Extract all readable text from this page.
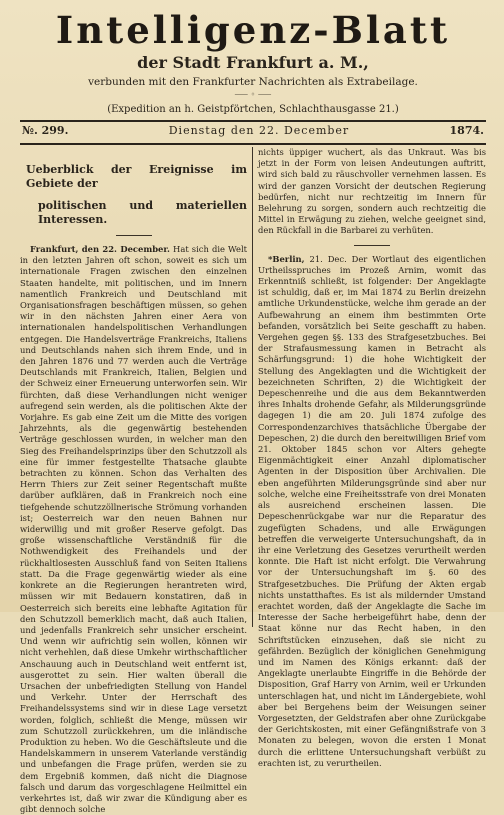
Intelligenz-Blatt
der Stadt Frankfurt a. M.,
verbunden mit den Frankfurter Nachrichten als Extrabeilage.
⸺ ◦ ⸺
(Expedition an h. Geistpförtchen, Schlachthausgasse 21.)
№. 299.	Dienstag den 22. December	1874.
Ueberblick der Ereignisse im Gebiete der
politischen und materiellen Interessen.

Frankfurt, den 22. December. Hat sich die Welt in den letzten Jahren oft schon, soweit es sich um internationale Fragen zwischen den einzelnen Staaten handelte, mit politischen, und im Innern namentlich Frankreich und Deutschland mit Organisationsfragen beschäftigen müssen, so gehen wir in den nächsten Jahren einer Aera von internationalen handelspolitischen Verhandlungen entgegen. Die Handelsverträge Frankreichs, Italiens und Deutschlands nahen sich ihrem Ende, und in den Jahren 1876 und 77 werden auch die Verträge Deutschlands mit Frankreich, Italien, Belgien und der Schweiz einer Erneuerung unterworfen sein. Wir fürchten, daß diese Verhandlungen nicht weniger aufregend sein werden, als die politischen Akte der Vorjahre. Es gab eine Zeit um die Mitte des vorigen Jahrzehnts, als die gegenwärtig bestehenden Verträge geschlossen wurden, in welcher man den Sieg des Freihandelsprinzips über den Schutzzoll als eine für immer festgestellte Thatsache glaubte betrachten zu können. Schon das Verhalten des Herrn Thiers zur Zeit seiner Regentschaft mußte darüber aufklären, daß in Frankreich noch eine tiefgehende schutzzöllnerische Strömung vorhanden ist; Oesterreich war den neuen Bahnen nur widerwillig und mit großer Reserve gefolgt. Das große wissenschaftliche Verständniß für die Nothwendigkeit des Freihandels und der rückhaltlosesten Ausschluß fand von Seiten Italiens statt. Da die Frage gegenwärtig wieder als eine konkrete an die Regierungen herantreten wird, müssen wir mit Bedauern konstatiren, daß in Oesterreich sich bereits eine lebhafte Agitation für den Schutzzoll bemerklich macht, daß auch Italien, und jedenfalls Frankreich sehr unsicher erscheint. Und wenn wir aufrichtig sein wollen, können wir nicht verhehlen, daß diese Umkehr wirthschaftlicher Anschauung auch in Deutschland weit entfernt ist, ausgerottet zu sein. Hier walten überall die Ursachen der unbefriedigten Stellung von Handel und Verkehr. Unter der Herrschaft des Freihandelssystems sind wir in diese Lage versetzt worden, folglich, schließt die Menge, müssen wir zum Schutzzoll zurückkehren, um die inländische Produktion zu heben. Wo die Geschäftsleute und die Handelskammern in unserem Vaterlande verständig und unbefangen die Frage prüfen, werden sie zu dem Ergebniß kommen, daß nicht die Diagnose falsch und darum das vorgeschlagene Heilmittel ein verkehrtes ist, daß wir zwar die Kündigung aber es gibt dennoch solche

nichts üppiger wuchert, als das Unkraut. Was bis jetzt in der Form von leisen Andeutungen auftritt, wird sich bald zu räuschvoller vernehmen lassen. Es wird der ganzen Vorsicht der deutschen Regierung bedürfen, nicht nur rechtzeitig im Innern für Belehrung zu sorgen, sondern auch rechtzeitig die Mittel in Erwägung zu ziehen, welche geeignet sind, den Rückfall in die Barbarei zu verhüten.

*Berlin, 21. Dec. Der Wortlaut des eigentlichen Urtheilsspruches im Prozeß Arnim, womit das Erkenntniß schließt, ist folgender: Der Angeklagte ist schuldig, daß er, im Mai 1874 zu Berlin dreizehn amtliche Urkundenstücke, welche ihm gerade an der Aufbewahrung an einem ihm bestimmten Orte befanden, vorsätzlich bei Seite geschafft zu haben. Vergehen gegen §§. 133 des Strafgesetzbuches. Bei der Strafausmessung kamen in Betracht als Schärfungsgrund: 1) die hohe Wichtigkeit der Stellung des Angeklagten und die Wichtigkeit der bezeichneten Schriften, 2) die Wichtigkeit der Depeschenreihe und die aus dem Bekanntwerden ihres Inhalts drohende Gefahr, als Milderungsgründe dagegen 1) die am 20. Juli 1874 zufolge des Correspondenzarchives thatsächliche Übergabe der Depeschen, 2) die durch den bereitwilligen Brief vom 21. Oktober 1845 schon vor Alters gehegte Eigenmächtigkeit einer Anzahl diplomatischer Agenten in der Disposition über Archivalien. Die eben angeführten Milderungsgründe sind aber nur solche, welche eine Freiheitsstrafe von drei Monaten als ausreichend erscheinen lassen. Die Depeschenrückgabe war nur die Reparatur des zugefügten Schadens, und alle Erwägungen betreffen die verweigerte Untersuchungshaft, da in ihr eine Verletzung des Gesetzes verurtheilt werden konnte. Die Haft ist nicht erfolgt. Die Verwahrung vor der Untersuchungshaft im §. 60 des Strafgesetzbuches. Die Prüfung der Akten ergab nichts unstatthaftes. Es ist als mildernder Umstand erachtet worden, daß der Angeklagte die Sache im Interesse der Sache herbeigeführt habe, denn der Staat könne nur das Recht haben, in den Schriftstücken einzusehen, daß sie nicht zu gefährden. Bezüglich der königlichen Genehmigung und im Namen des Königs erkannt: daß der Angeklagte unerlaubte Eingriffe in die Behörde der Disposition, Graf Harry von Arnim, weil er Urkunden unterschlagen hat, und nicht im Ländergebiete, wohl aber bei Bergehens beim der Weisungen seiner Vorgesetzten, der Geldstrafen aber ohne Zurückgabe der Gerichtskosten, mit einer Gefängnißstrafe von 3 Monaten zu belegen, wovon die ersten 1 Monat durch die erlittene Untersuchungshaft verbüßt zu erachten ist, zu verurtheilen.
